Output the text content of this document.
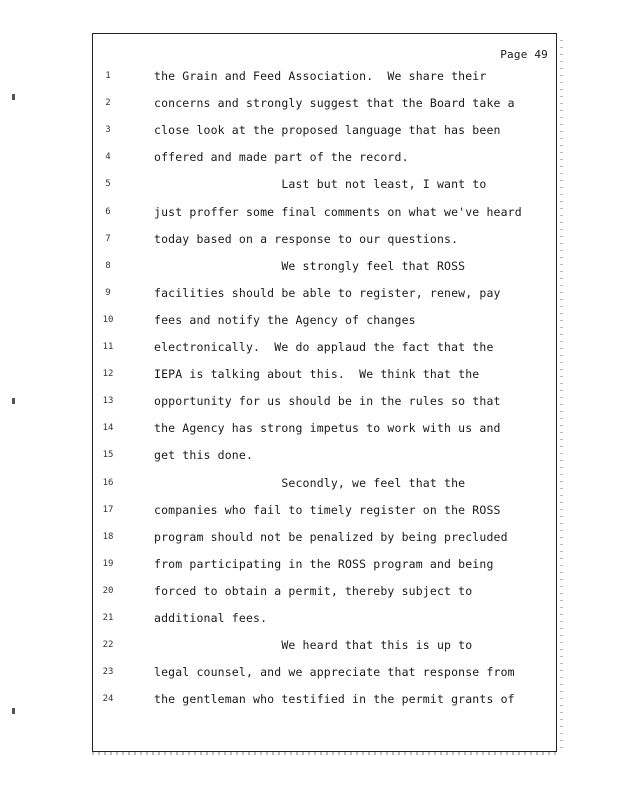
Page 49
1	the Grain and Feed Association.  We share their
2	concerns and strongly suggest that the Board take a
3	close look at the proposed language that has been
4	offered and made part of the record.
5	Last but not least, I want to
6	just proffer some final comments on what we've heard
7	today based on a response to our questions.
8	We strongly feel that ROSS
9	facilities should be able to register, renew, pay
10	fees and notify the Agency of changes
11	electronically.  We do applaud the fact that the
12	IEPA is talking about this.  We think that the
13	opportunity for us should be in the rules so that
14	the Agency has strong impetus to work with us and
15	get this done.
16	Secondly, we feel that the
17	companies who fail to timely register on the ROSS
18	program should not be penalized by being precluded
19	from participating in the ROSS program and being
20	forced to obtain a permit, thereby subject to
21	additional fees.
22	We heard that this is up to
23	legal counsel, and we appreciate that response from
24	the gentleman who testified in the permit grants of
